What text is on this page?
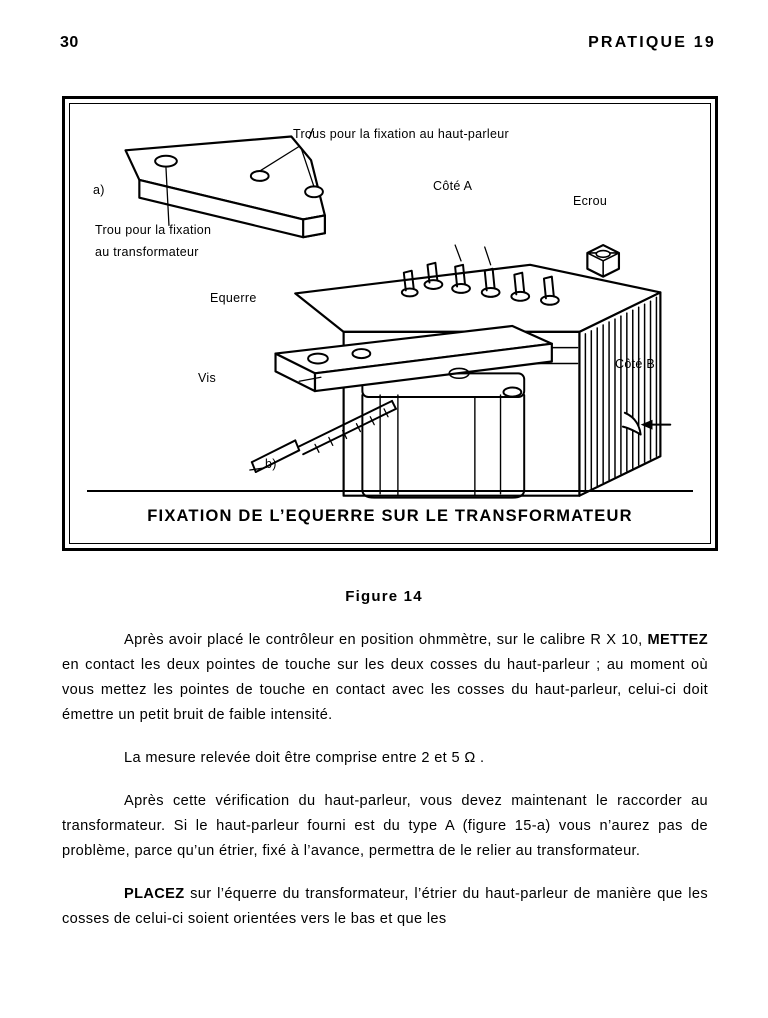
30	PRATIQUE 19
Trous pour la fixation au haut-parleur
a)
Trou pour la fixation
au transformateur
Côté A
Ecrou
Equerre
Vis
Côté B
b)
FIXATION DE L’EQUERRE SUR LE TRANSFORMATEUR
Figure 14

Après avoir placé le contrôleur en position ohmmètre, sur le calibre R X 10, METTEZ en contact les deux pointes de touche sur les deux cosses du haut-parleur ; au moment où vous mettez les pointes de touche en contact avec les cosses du haut-parleur, celui-ci doit émettre un petit bruit de faible intensité.

La mesure relevée doit être comprise entre 2 et 5 Ω .

Après cette vérification du haut-parleur, vous devez maintenant le raccorder au transformateur. Si le haut-parleur fourni est du type A (figure 15-a) vous n’aurez pas de problème, parce qu’un étrier, fixé à l’avance, permettra de le relier au transformateur.

PLACEZ sur l’équerre du transformateur, l’étrier du haut-parleur de manière que les cosses de celui-ci soient orientées vers le bas et que les
